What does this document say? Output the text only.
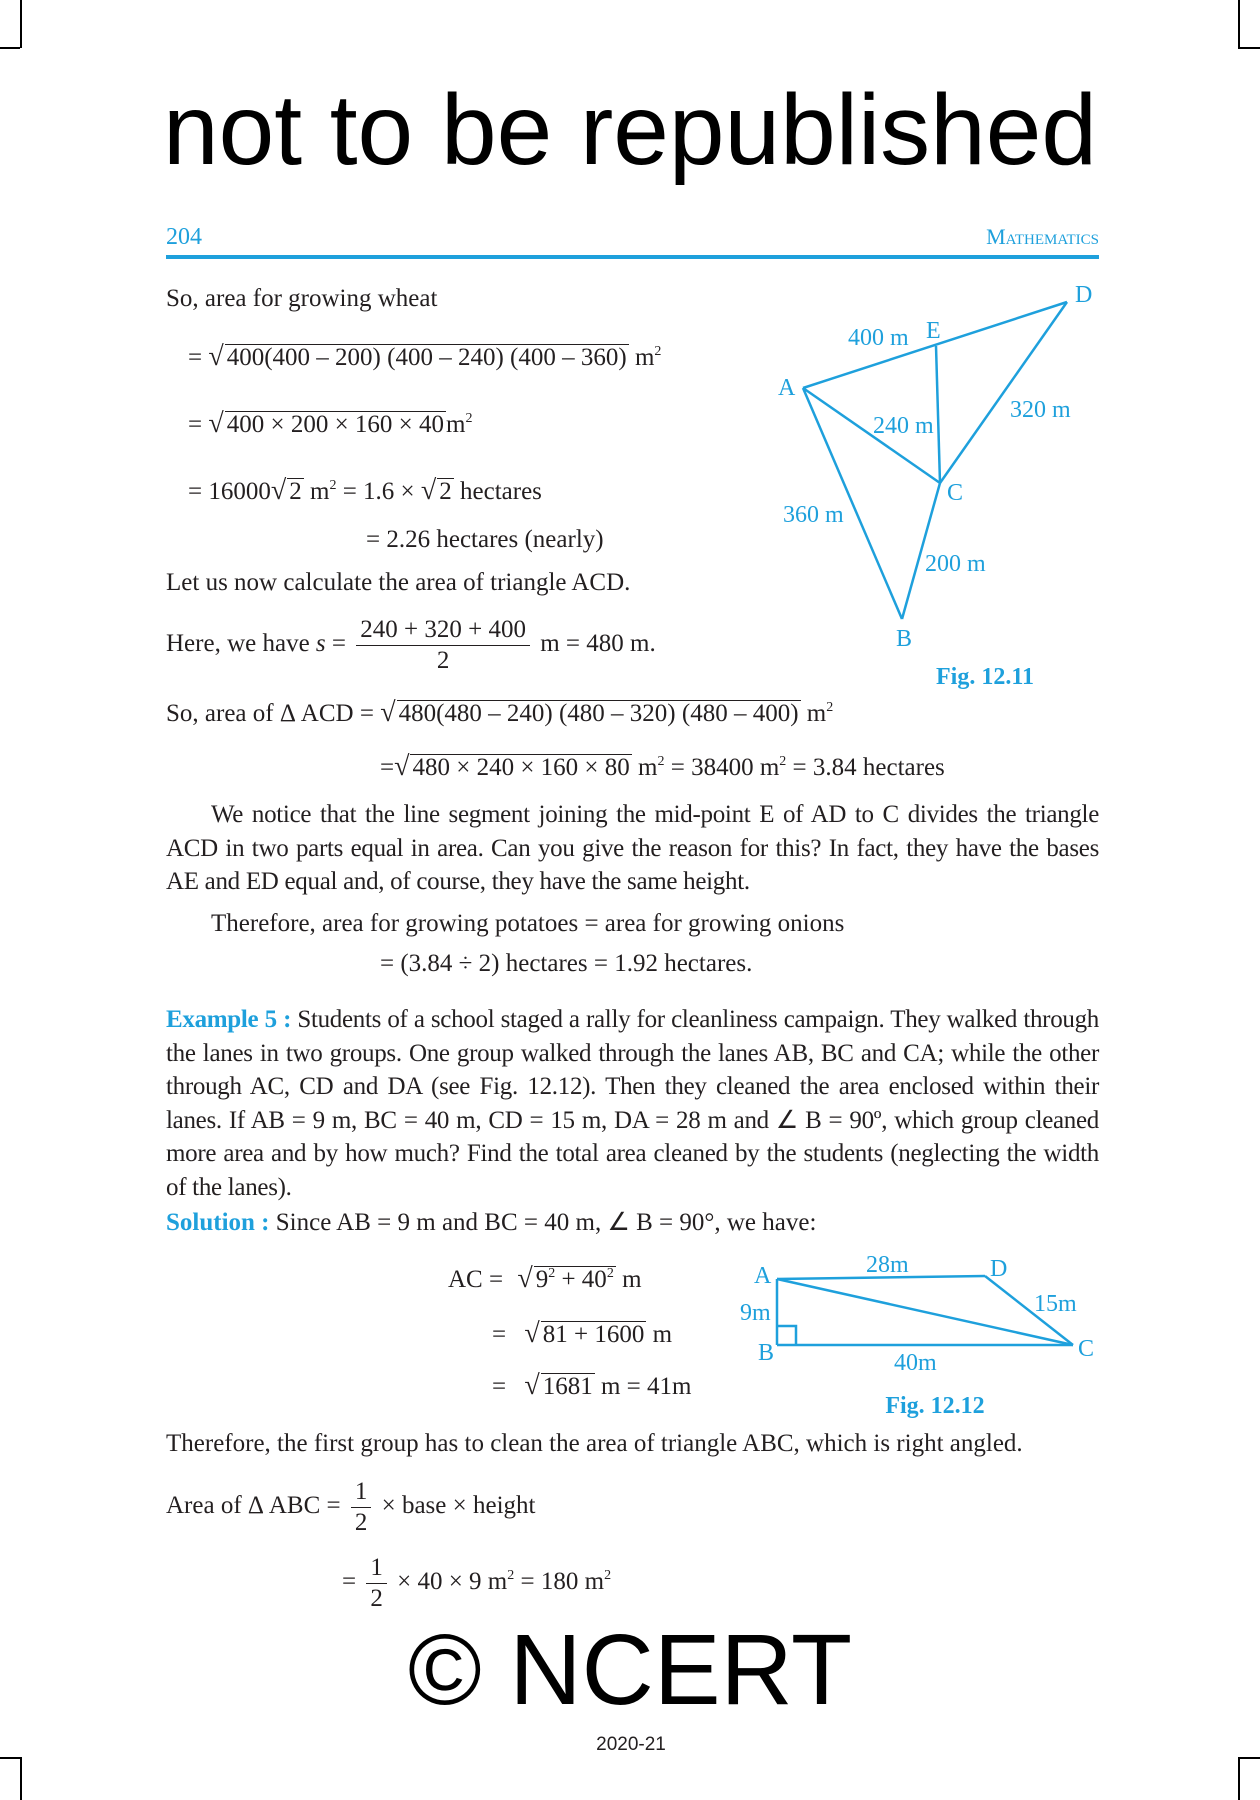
not to be republished
© NCERT
204	Mathematics
So, area for growing wheat
= √ 400(400 – 200) (400 – 240) (400 – 360) $m^2$
= √ $400 \times 200 \times 160 \times 40m^2$
= 16000√ 2 $m^2 = 1.6$ × √ 2 hectares
= 2.26 hectares (nearly)
Let us now calculate the area of triangle ACD.
Here, we have $s = \frac{240 + 320 + 400}{2}$ m = 480 m.
So, area of Δ ACD = √ 480(480 – 240) (480 – 320) (480 – 400) $m^2$
=√ 480 × 240 × 160 × 80 $m^2 = 38400$ $m^2 = 3.84$ hectares
We notice that the line segment joining the mid-point E of AD to C divides the triangle ACD in two parts equal in area. Can you give the reason for this? In fact, they have the bases AE and ED equal and, of course, they have the same height.
Therefore, area for growing potatoes = area for growing onions
= (3.84 ÷ 2) hectares = 1.92 hectares.
Example 5 : Students of a school staged a rally for cleanliness campaign. They walked through the lanes in two groups. One group walked through the lanes AB, BC and CA; while the other through AC, CD and DA (see Fig. 12.12). Then they cleaned the area enclosed within their lanes. If AB = 9 m, BC = 40 m, CD = 15 m, DA = 28 m and ∠ B = 90º, which group cleaned more area and by how much? Find the total area cleaned by the students (neglecting the width of the lanes).
Solution : Since AB = 9 m and BC = 40 m, ∠ B = 90°, we have:
AC = √ $9^2 + 40^2$ m
= √ 81 + 1600 m
= √ 1681 m = 41m
Therefore, the first group has to clean the area of triangle ABC, which is right angled.
Area of Δ ABC = $\frac{1}{2}$ × base × height
= $\frac{1}{2} \times 40 \times 9$ $m^2 = 180$ $m^2$
A
B
C
D
E
400 m
240 m
320 m
360 m
200 m
Fig. 12.11
A
B	C
D
28m
9m	15m
40m
Fig. 12.12
2020-21
